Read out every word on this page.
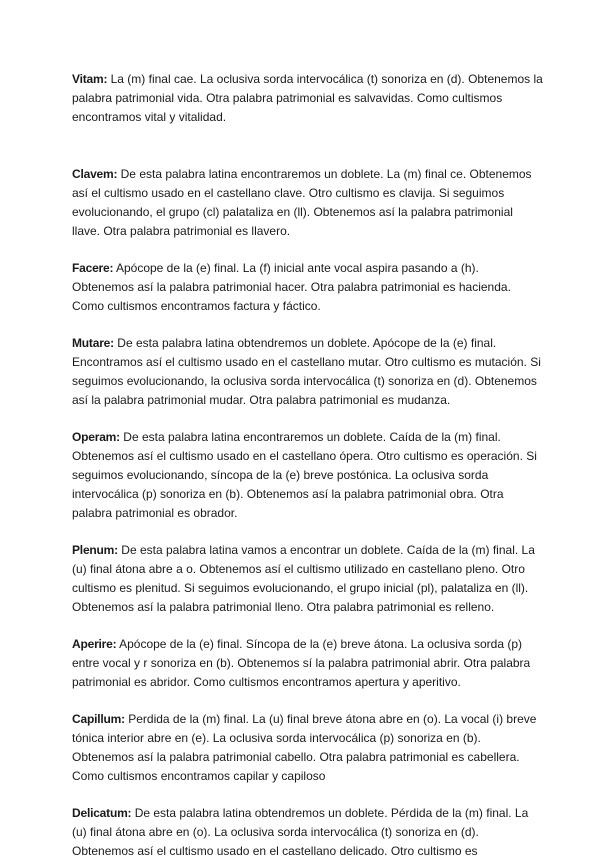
Vitam: La (m) final cae. La oclusiva sorda intervocálica (t) sonoriza en (d). Obtenemos la palabra patrimonial vida. Otra palabra patrimonial es salvavidas. Como cultismos encontramos vital y vitalidad.

Clavem: De esta palabra latina encontraremos un doblete. La (m) final ce. Obtenemos así el cultismo usado en el castellano clave. Otro cultismo es clavija. Si seguimos evolucionando, el grupo (cl) palataliza en (ll). Obtenemos así la palabra patrimonial llave. Otra palabra patrimonial es llavero.

Facere: Apócope de la (e) final. La (f) inicial ante vocal aspira pasando a (h). Obtenemos así la palabra patrimonial hacer. Otra palabra patrimonial es hacienda. Como cultismos encontramos factura y fáctico.

Mutare: De esta palabra latina obtendremos un doblete. Apócope de la (e) final. Encontramos así el cultismo usado en el castellano mutar. Otro cultismo es mutación. Si seguimos evolucionando, la oclusiva sorda intervocálica (t) sonoriza en (d). Obtenemos así la palabra patrimonial mudar. Otra palabra patrimonial es mudanza.

Operam: De esta palabra latina encontraremos un doblete. Caída de la (m) final. Obtenemos así el cultismo usado en el castellano ópera. Otro cultismo es operación. Si seguimos evolucionando, síncopa de la (e) breve postónica. La oclusiva sorda intervocálica (p) sonoriza en (b). Obtenemos así la palabra patrimonial obra. Otra palabra patrimonial es obrador.

Plenum: De esta palabra latina vamos a encontrar un doblete. Caída de la (m) final. La (u) final átona abre a o. Obtenemos así el cultismo utilizado en castellano pleno. Otro cultismo es plenitud. Si seguimos evolucionando, el grupo inicial (pl), palataliza en (ll). Obtenemos así la palabra patrimonial lleno. Otra palabra patrimonial es relleno.

Aperire: Apócope de la (e) final. Síncopa de la (e) breve átona. La oclusiva sorda (p) entre vocal y r sonoriza en (b). Obtenemos sí la palabra patrimonial abrir. Otra palabra patrimonial es abridor. Como cultismos encontramos apertura y aperitivo.

Capillum: Perdida de la (m) final. La (u) final breve átona abre en (o). La vocal (i) breve tónica interior abre en (e). La oclusiva sorda intervocálica (p) sonoriza en (b). Obtenemos así la palabra patrimonial cabello. Otra palabra patrimonial es cabellera. Como cultismos encontramos capilar y capiloso

Delicatum: De esta palabra latina obtendremos un doblete. Pérdida de la (m) final. La (u) final átona abre en (o). La oclusiva sorda intervocálica (t) sonoriza en (d). Obtenemos así el cultismo usado en el castellano delicado. Otro cultismo es
